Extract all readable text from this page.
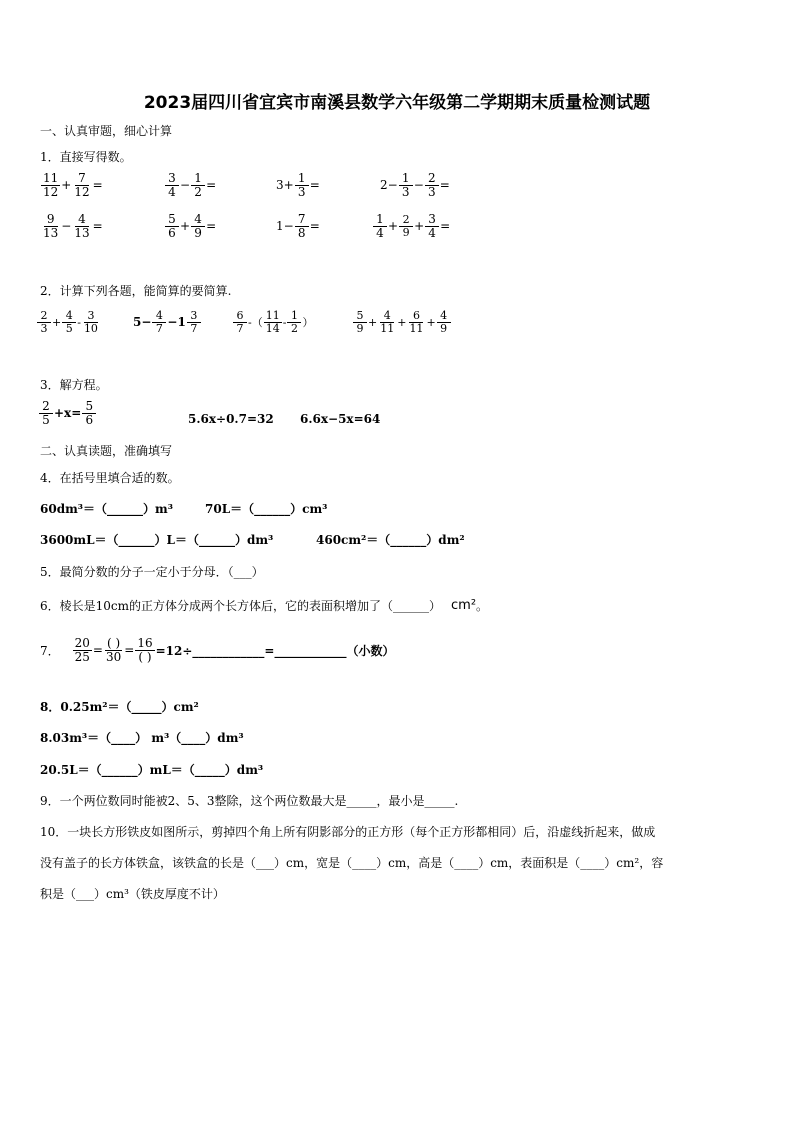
2023届四川省宜宾市南溪县数学六年级第二学期期末质量检测试题
一、认真审题，细心计算
1．直接写得数。
$\frac{11}{12} + \frac{7}{12}$ =	$\frac{3}{4} - \frac{1}{2}$ =	$3+ \frac{1}{3}$ =	$2- \frac{1}{3} - \frac{2}{3}$ =
$\frac{9}{13} - \frac{4}{13}$ =	$\frac{5}{6} + \frac{4}{9}$ =	$1- \frac{7}{8}$ =	$\frac{1}{4} + \frac{2}{9} + \frac{3}{4}$ =
2．计算下列各题，能简算的要简算.
$\frac{2}{3} + \frac{4}{5} - \frac{3}{10}$	$5- \frac{4}{7} -1 \frac{3}{7}$	$\frac{6}{7}$ -（ $\frac{11}{14} - \frac{1}{2}$ ）	$\frac{5}{9} + \frac{4}{11} + \frac{6}{11} + \frac{4}{9}$
3．解方程。
$\frac{2}{5} +x= \frac{5}{6}$	5.6x÷0.7=32 6.6x−5x=64
二、认真读题，准确填写
4．在括号里填合适的数。
60dm³＝（______）m³	70L＝（______）cm³
3600mL＝（______）L＝（______）dm³	460cm²＝（______）dm²
5．最简分数的分子一定小于分母．（___）
6．棱长是10cm的正方体分成两个长方体后，它的表面积增加了（______） cm² 。
7． $\frac{20}{25} = \frac{( )}{30} = \frac{16}{( )}$ =12÷____________=____________（小数）
8．0.25m²＝（_____）cm²
8.03m³＝（____） m³（____）dm³
20.5L＝（______）mL＝（_____）dm³
9．一个两位数同时能被2、5、3整除，这个两位数最大是_____，最小是_____.
10．一块长方形铁皮如图所示，剪掉四个角上所有阴影部分的正方形（每个正方形都相同）后，沿虚线折起来，做成
没有盖子的长方体铁盒，该铁盒的长是（___）cm，宽是（____）cm，高是（____）cm，表面积是（____）cm²，容
积是（___）cm³（铁皮厚度不计）
